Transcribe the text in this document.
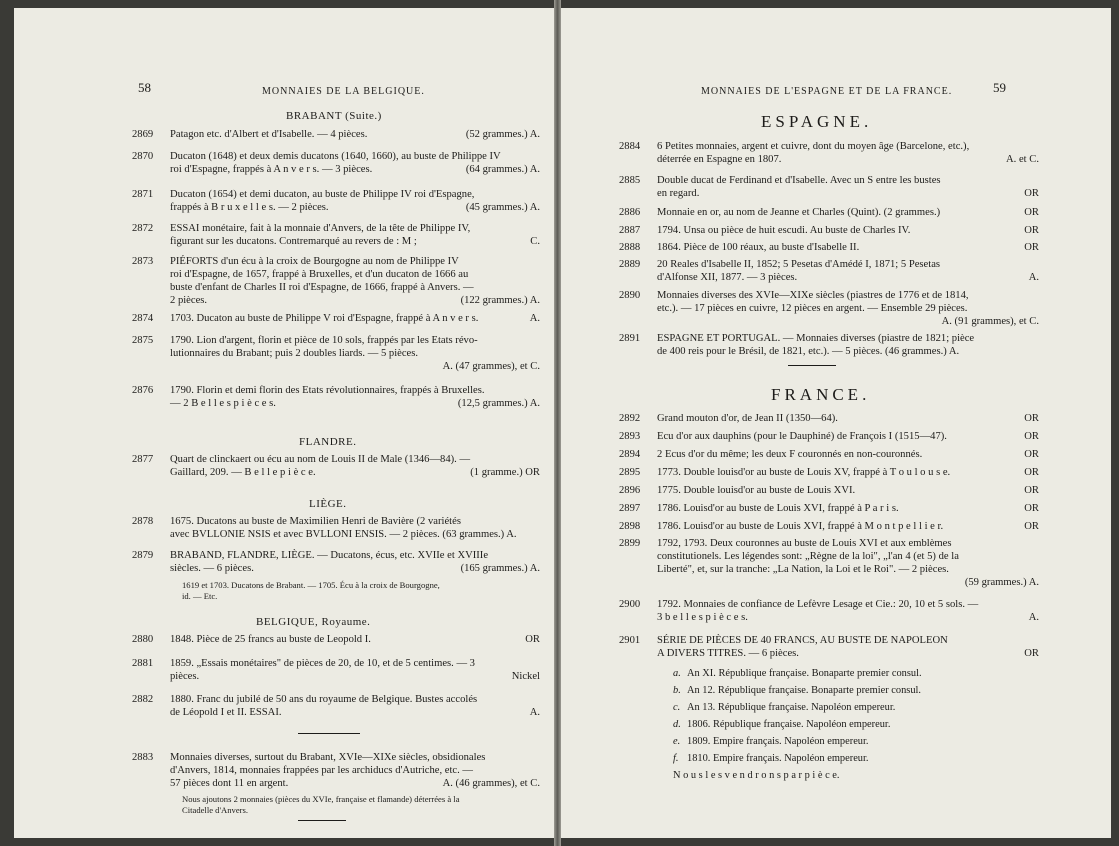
58	MONNAIES DE LA BELGIQUE.
BRABANT (Suite.)
2869	Patagon etc. d'Albert et d'Isabelle. — 4 pièces.	(52 grammes.) A.
2870	Ducaton (1648) et deux demis ducatons (1640, 1660), au buste de Philippe IV
roi d'Espagne, frappés à A n v e r s. — 3 pièces.	(64 grammes.) A.
2871	Ducaton (1654) et demi ducaton, au buste de Philippe IV roi d'Espagne,
frappés à B r u x e l l e s. — 2 pièces.	(45 grammes.) A.
2872	ESSAI monétaire, fait à la monnaie d'Anvers, de la tête de Philippe IV,
figurant sur les ducatons. Contremarqué au revers de : M ;	C.
2873	PIÉFORTS d'un écu à la croix de Bourgogne au nom de Philippe IV
roi d'Espagne, de 1657, frappé à Bruxelles, et d'un ducaton de 1666 au
buste d'enfant de Charles II roi d'Espagne, de 1666, frappé à Anvers. —
2 pièces.	(122 grammes.) A.
2874	1703. Ducaton au buste de Philippe V roi d'Espagne, frappé à A n v e r s.	A.
2875	1790. Lion d'argent, florin et pièce de 10 sols, frappés par les Etats révo-
lutionnaires du Brabant; puis 2 doubles liards. — 5 pièces.
A. (47 grammes), et C.
2876	1790. Florin et demi florin des Etats révolutionnaires, frappés à Bruxelles.
— 2 B e l l e s p i è c e s.	(12,5 grammes.) A.
FLANDRE.
2877	Quart de clinckaert ou écu au nom de Louis II de Male (1346—84). —
Gaillard, 209. — B e l l e p i è c e.	(1 gramme.) OR
LIÈGE.
2878	1675. Ducatons au buste de Maximilien Henri de Bavière (2 variétés
avec BVLLONIE NSIS et avec BVLLONI ENSIS. — 2 pièces. (63 grammes.) A.
2879	BRABAND, FLANDRE, LIÈGE. — Ducatons, écus, etc. XVIIe et XVIIIe
siècles. — 6 pièces.	(165 grammes.) A.
1619 et 1703. Ducatons de Brabant. — 1705. Écu à la croix de Bourgogne,
id. — Etc.
BELGIQUE, Royaume.
2880	1848. Pièce de 25 francs au buste de Leopold I.	OR
2881	1859. „Essais monétaires" de pièces de 20, de 10, et de 5 centimes. — 3
pièces.	Nickel
2882	1880. Franc du jubilé de 50 ans du royaume de Belgique. Bustes accolés
de Léopold I et II. ESSAI.	A.
2883	Monnaies diverses, surtout du Brabant, XVIe—XIXe siècles, obsidionales
d'Anvers, 1814, monnaies frappées par les archiducs d'Autriche, etc. —
57 pièces dont 11 en argent.	A. (46 grammes), et C.
Nous ajoutons 2 monnaies (pièces du XVIe, française et flamande) déterrées à la
Citadelle d'Anvers.
MONNAIES DE L'ESPAGNE ET DE LA FRANCE.	59
ESPAGNE.
2884	6 Petites monnaies, argent et cuivre, dont du moyen âge (Barcelone, etc.),
déterrée en Espagne en 1807.	A. et C.
2885	Double ducat de Ferdinand et d'Isabelle. Avec un S entre les bustes
en regard.	OR
2886	Monnaie en or, au nom de Jeanne et Charles (Quint). (2 grammes.)	OR
2887	1794. Unsa ou pièce de huit escudi. Au buste de Charles IV.	OR
2888	1864. Pièce de 100 réaux, au buste d'Isabelle II.	OR
2889	20 Reales d'Isabelle II, 1852; 5 Pesetas d'Amédé I, 1871; 5 Pesetas
d'Alfonse XII, 1877. — 3 pièces.	A.
2890	Monnaies diverses des XVIe—XIXe siècles (piastres de 1776 et de 1814,
etc.). — 17 pièces en cuivre, 12 pièces en argent. — Ensemble 29 pièces.
A. (91 grammes), et C.
2891	ESPAGNE ET PORTUGAL. — Monnaies diverses (piastre de 1821; pièce
de 400 reis pour le Brésil, de 1821, etc.). — 5 pièces. (46 grammes.) A.
FRANCE.
2892	Grand mouton d'or, de Jean II (1350—64).	OR
2893	Ecu d'or aux dauphins (pour le Dauphiné) de François I (1515—47).	OR
2894	2 Ecus d'or du même; les deux F couronnés en non-couronnés.	OR
2895	1773. Double louisd'or au buste de Louis XV, frappé à T o u l o u s e.	OR
2896	1775. Double louisd'or au buste de Louis XVI.	OR
2897	1786. Louisd'or au buste de Louis XVI, frappé à P a r i s.	OR
2898	1786. Louisd'or au buste de Louis XVI, frappé à M o n t p e l l i e r.	OR
2899	1792, 1793. Deux couronnes au buste de Louis XVI et aux emblèmes
constitutionels. Les légendes sont: „Règne de la loi", „l'an 4 (et 5) de la
Liberté", et, sur la tranche: „La Nation, la Loi et le Roi". — 2 pièces.
(59 grammes.) A.
2900	1792. Monnaies de confiance de Lefèvre Lesage et Cie.: 20, 10 et 5 sols. —
3 b e l l e s p i è c e s.	A.
2901	SÉRIE DE PIÈCES DE 40 FRANCS, AU BUSTE DE NAPOLEON
A DIVERS TITRES. — 6 pièces.	OR
a. An XI. République française. Bonaparte premier consul.
b. An 12. République française. Bonaparte premier consul.
c. An 13. République française. Napoléon empereur.
d. 1806. République française. Napoléon empereur.
e. 1809. Empire français. Napoléon empereur.
f. 1810. Empire français. Napoléon empereur.
N o u s l e s v e n d r o n s p a r p i è c e.
